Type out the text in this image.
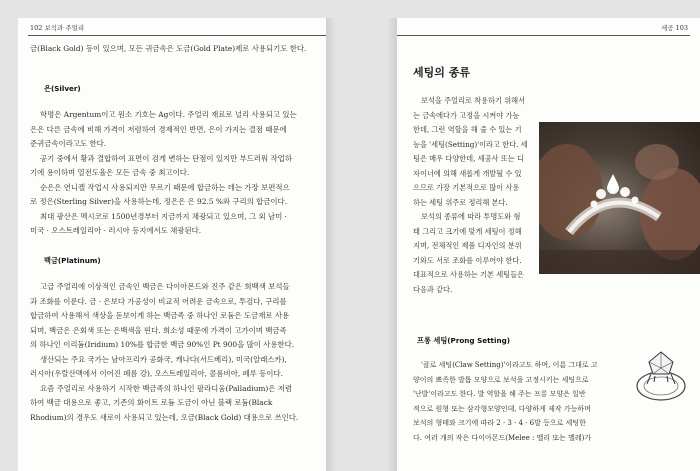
102 보석과 주얼리
금(Black Gold) 등이 있으며, 모든 귀금속은 도금(Gold Plate)제로 사용되기도 한다.
은(Silver)
학명은 Argentum이고 원소 기호는 Ag이다. 주얼리 재료로 널리 사용되고 있는
은은 다른 금속에 비해 가격이 저렴하여 경제적인 반면, 은이 가지는 결점 때문에
준귀금속이라고도 한다.
공기 중에서 황과 결합하여 표면이 검게 변하는 단점이 있지만 부드러워 작업하
기에 용이하며 열전도율은 모든 금속 중 최고이다.
순은은 연니켈 작업시 사용되지만 무르기 때문에 합금하는 데는 가장 보편적으
로 정은(Sterling Silver)을 사용하는데, 정은은 은 92.5 %와 구리의 합금이다.
최대 광산은 멕시코로 1500년경부터 지금까지 채광되고 있으며, 그 외 남미 ·
미국 · 오스트레일리아 · 러시아 등지에서도 채광된다.
백금(Platinum)
고급 주얼리에 이상적인 금속인 백금은 다이아몬드와 진주 같은 희백색 보석들
과 조화를 이룬다. 금 · 은보다 가공성이 비교적 어려운 금속으로, 투검다, 구리를
합금하여 사용해서 색상을 돋보이게 하는 백금족 중 하나인 로듐은 도금재로 사용
되며, 백금은 은회색 또는 은백색을 띤다. 희소성 때문에 가격이 고가이며 백금족
의 하나인 이리듐(Iridium) 10%를 합금한 백금 90%인 Pt 900을 많이 사용한다.
생산되는 주요 국가는 남아프리카 공화국, 캐나다(서드베리), 미국(알래스카),
러시아(우랄산맥에서 이어진 페름 강), 오스트레일리아, 콜롬비아, 페루 등이다.
요즘 주얼리로 사용하기 시작한 백금족의 하나인 팔라디움(Palladium)은 저렴
하여 백금 대용으로 좋고, 기존의 화이트 로듐 도금이 아닌 블랙 로듐(Black
Rhodium)의 경우도 새로이 사용되고 있는데, 오금(Black Gold) 대용으로 쓰인다.
세공 103
세팅의 종류
보석을 주얼리로 착용하기 위해서
는 금속에다가 고정을 시켜야 가능
한데, 그런 역할을 해 줄 수 있는 기
능을 '세팅(Setting)'이라고 한다. 세
팅은 매우 다양한데, 세공사 또는 디
자이너에 의해 새롭게 개발될 수 있
으므로 가장 기본적으로 많이 사용
하는 세팅 위주로 정리해 본다.
보석의 종류에 따라 투명도와 형
태 그리고 크기에 맞게 세팅이 정해
지며, 전체적인 제품 디자인의 분위
기와도 서로 조화를 이루어야 한다.
대표적으로 사용하는 기본 세팅들은
다음과 같다.
프롱 세팅(Prong Setting)
'클로 세팅(Claw Setting)'이라고도 하며, 이름 그대로 고
양이의 뾰족한 발톱 모양으로 보석을 고정시키는 세팅으로
'난발'이라고도 한다. 발 역할을 해 주는 프롱 모양은 일반
적으로 원형 또는 삼각형모양인데, 다양하게 제작 가능하며
보석의 형태와 크기에 따라 2 · 3 · 4 · 6발 등으로 세팅한
다. 여러 개의 작은 다이아몬드(Melee : 멜리 또는 멜레)가
